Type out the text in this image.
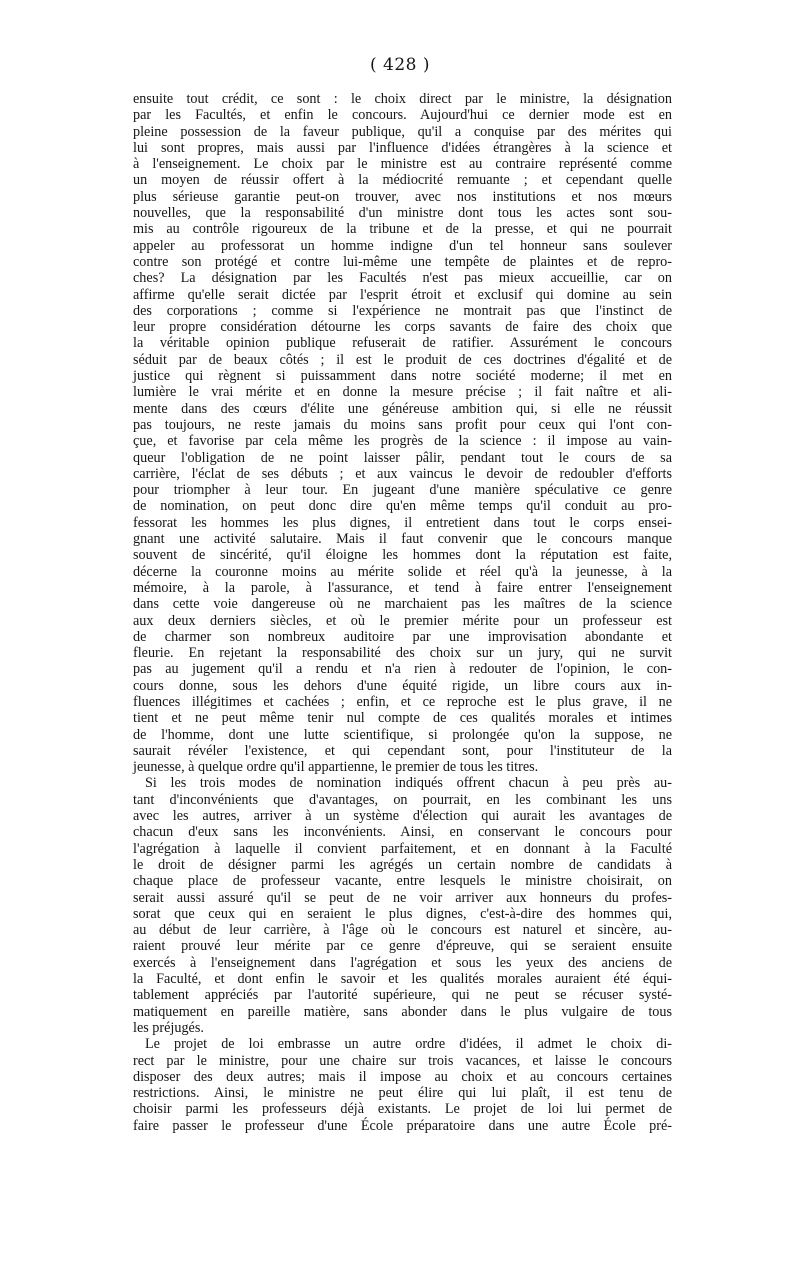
( 428 )
ensuite tout crédit, ce sont : le choix direct par le ministre, la désignation
par les Facultés, et enfin le concours. Aujourd'hui ce dernier mode est en
pleine possession de la faveur publique, qu'il a conquise par des mérites qui
lui sont propres, mais aussi par l'influence d'idées étrangères à la science et
à l'enseignement. Le choix par le ministre est au contraire représenté comme
un moyen de réussir offert à la médiocrité remuante ; et cependant quelle
plus sérieuse garantie peut-on trouver, avec nos institutions et nos mœurs
nouvelles, que la responsabilité d'un ministre dont tous les actes sont sou-
mis au contrôle rigoureux de la tribune et de la presse, et qui ne pourrait
appeler au professorat un homme indigne d'un tel honneur sans soulever
contre son protégé et contre lui-même une tempête de plaintes et de repro-
ches? La désignation par les Facultés n'est pas mieux accueillie, car on
affirme qu'elle serait dictée par l'esprit étroit et exclusif qui domine au sein
des corporations ; comme si l'expérience ne montrait pas que l'instinct de
leur propre considération détourne les corps savants de faire des choix que
la véritable opinion publique refuserait de ratifier. Assurément le concours
séduit par de beaux côtés ; il est le produit de ces doctrines d'égalité et de
justice qui règnent si puissamment dans notre société moderne; il met en
lumière le vrai mérite et en donne la mesure précise ; il fait naître et ali-
mente dans des cœurs d'élite une généreuse ambition qui, si elle ne réussit
pas toujours, ne reste jamais du moins sans profit pour ceux qui l'ont con-
çue, et favorise par cela même les progrès de la science : il impose au vain-
queur l'obligation de ne point laisser pâlir, pendant tout le cours de sa
carrière, l'éclat de ses débuts ; et aux vaincus le devoir de redoubler d'efforts
pour triompher à leur tour. En jugeant d'une manière spéculative ce genre
de nomination, on peut donc dire qu'en même temps qu'il conduit au pro-
fessorat les hommes les plus dignes, il entretient dans tout le corps ensei-
gnant une activité salutaire. Mais il faut convenir que le concours manque
souvent de sincérité, qu'il éloigne les hommes dont la réputation est faite,
décerne la couronne moins au mérite solide et réel qu'à la jeunesse, à la
mémoire, à la parole, à l'assurance, et tend à faire entrer l'enseignement
dans cette voie dangereuse où ne marchaient pas les maîtres de la science
aux deux derniers siècles, et où le premier mérite pour un professeur est
de charmer son nombreux auditoire par une improvisation abondante et
fleurie. En rejetant la responsabilité des choix sur un jury, qui ne survit
pas au jugement qu'il a rendu et n'a rien à redouter de l'opinion, le con-
cours donne, sous les dehors d'une équité rigide, un libre cours aux in-
fluences illégitimes et cachées ; enfin, et ce reproche est le plus grave, il ne
tient et ne peut même tenir nul compte de ces qualités morales et intimes
de l'homme, dont une lutte scientifique, si prolongée qu'on la suppose, ne
saurait révéler l'existence, et qui cependant sont, pour l'instituteur de la
jeunesse, à quelque ordre qu'il appartienne, le premier de tous les titres.
Si les trois modes de nomination indiqués offrent chacun à peu près au-
tant d'inconvénients que d'avantages, on pourrait, en les combinant les uns
avec les autres, arriver à un système d'élection qui aurait les avantages de
chacun d'eux sans les inconvénients. Ainsi, en conservant le concours pour
l'agrégation à laquelle il convient parfaitement, et en donnant à la Faculté
le droit de désigner parmi les agrégés un certain nombre de candidats à
chaque place de professeur vacante, entre lesquels le ministre choisirait, on
serait aussi assuré qu'il se peut de ne voir arriver aux honneurs du profes-
sorat que ceux qui en seraient le plus dignes, c'est-à-dire des hommes qui,
au début de leur carrière, à l'âge où le concours est naturel et sincère, au-
raient prouvé leur mérite par ce genre d'épreuve, qui se seraient ensuite
exercés à l'enseignement dans l'agrégation et sous les yeux des anciens de
la Faculté, et dont enfin le savoir et les qualités morales auraient été équi-
tablement appréciés par l'autorité supérieure, qui ne peut se récuser systé-
matiquement en pareille matière, sans abonder dans le plus vulgaire de tous
les préjugés.
Le projet de loi embrasse un autre ordre d'idées, il admet le choix di-
rect par le ministre, pour une chaire sur trois vacances, et laisse le concours
disposer des deux autres; mais il impose au choix et au concours certaines
restrictions. Ainsi, le ministre ne peut élire qui lui plaît, il est tenu de
choisir parmi les professeurs déjà existants. Le projet de loi lui permet de
faire passer le professeur d'une École préparatoire dans une autre École pré-
